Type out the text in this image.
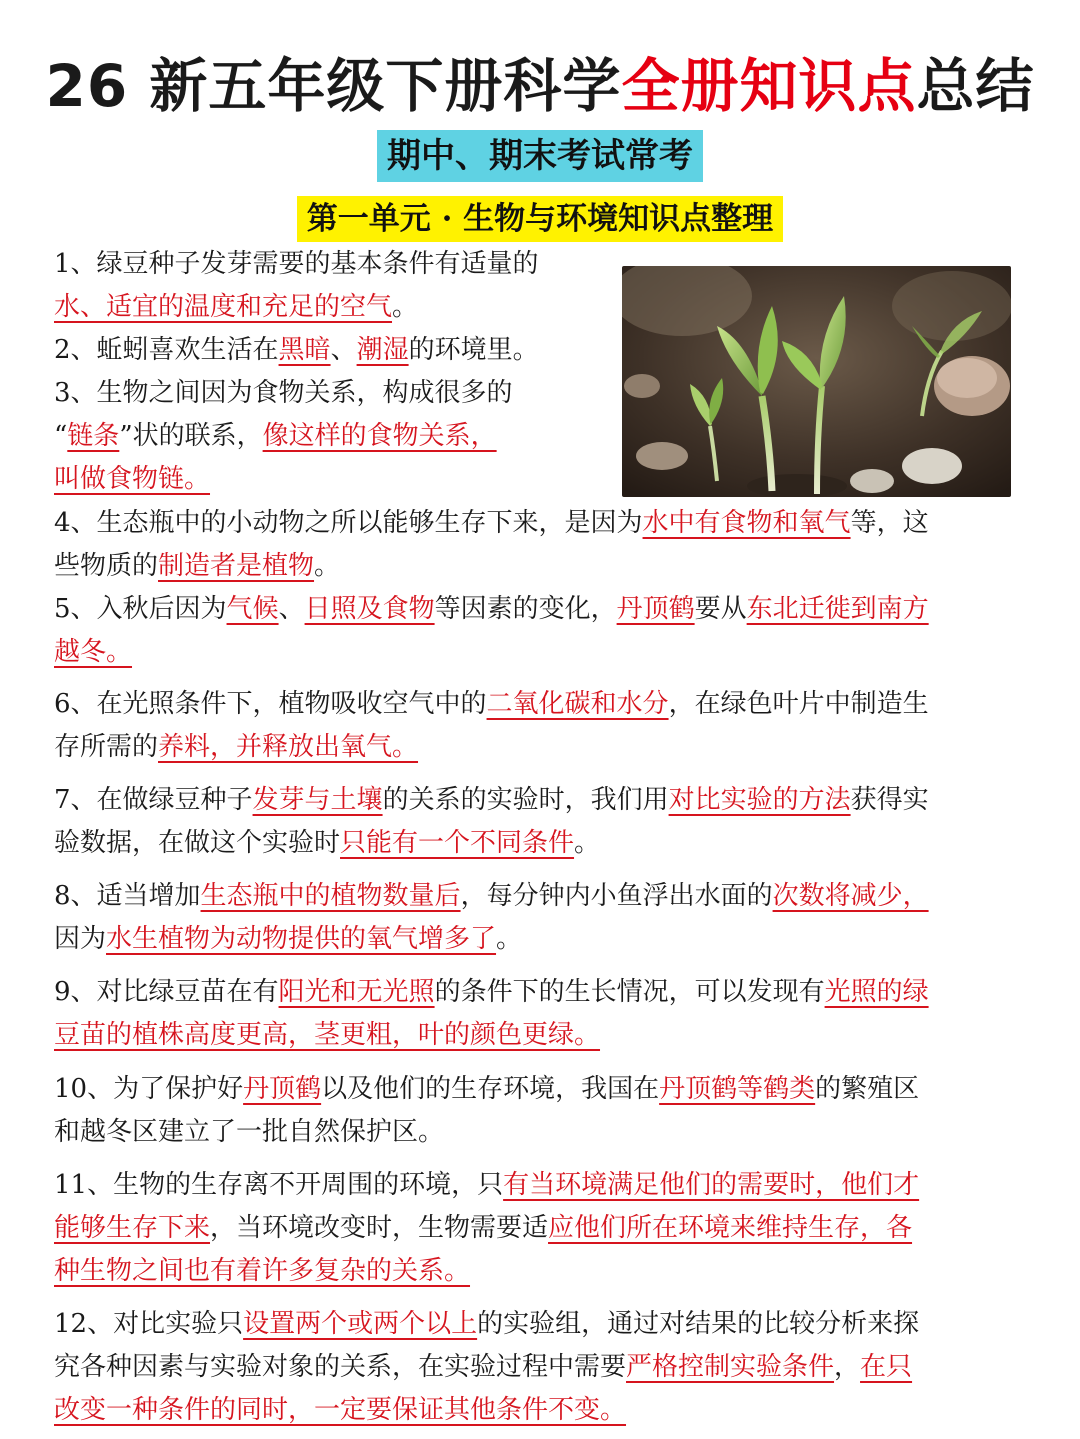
26 新五年级下册科学全册知识点总结
期中、期末考试常考
第一单元 · 生物与环境知识点整理

1、绿豆种子发芽需要的基本条件有适量的
水、适宜的温度和充足的空气。

2、蚯蚓喜欢生活在黑暗、潮湿的环境里。

3、生物之间因为食物关系，构成很多的
“链条”状的联系，像这样的食物关系，
叫做食物链。

4、生态瓶中的小动物之所以能够生存下来，是因为水中有食物和氧气等，这
些物质的制造者是植物。

5、入秋后因为气候、日照及食物等因素的变化，丹顶鹤要从东北迁徙到南方
越冬。

6、在光照条件下，植物吸收空气中的二氧化碳和水分，在绿色叶片中制造生
存所需的养料，并释放出氧气。

7、在做绿豆种子发芽与土壤的关系的实验时，我们用对比实验的方法获得实
验数据，在做这个实验时只能有一个不同条件。

8、适当增加生态瓶中的植物数量后，每分钟内小鱼浮出水面的次数将减少，
因为水生植物为动物提供的氧气增多了。

9、对比绿豆苗在有阳光和无光照的条件下的生长情况，可以发现有光照的绿
豆苗的植株高度更高，茎更粗，叶的颜色更绿。

10、为了保护好丹顶鹤以及他们的生存环境，我国在丹顶鹤等鹤类的繁殖区
和越冬区建立了一批自然保护区。

11、生物的生存离不开周围的环境，只有当环境满足他们的需要时，他们才
能够生存下来，当环境改变时，生物需要适应他们所在环境来维持生存，各
种生物之间也有着许多复杂的关系。

12、对比实验只设置两个或两个以上的实验组，通过对结果的比较分析来探
究各种因素与实验对象的关系，在实验过程中需要严格控制实验条件，在只
改变一种条件的同时，一定要保证其他条件不变。
